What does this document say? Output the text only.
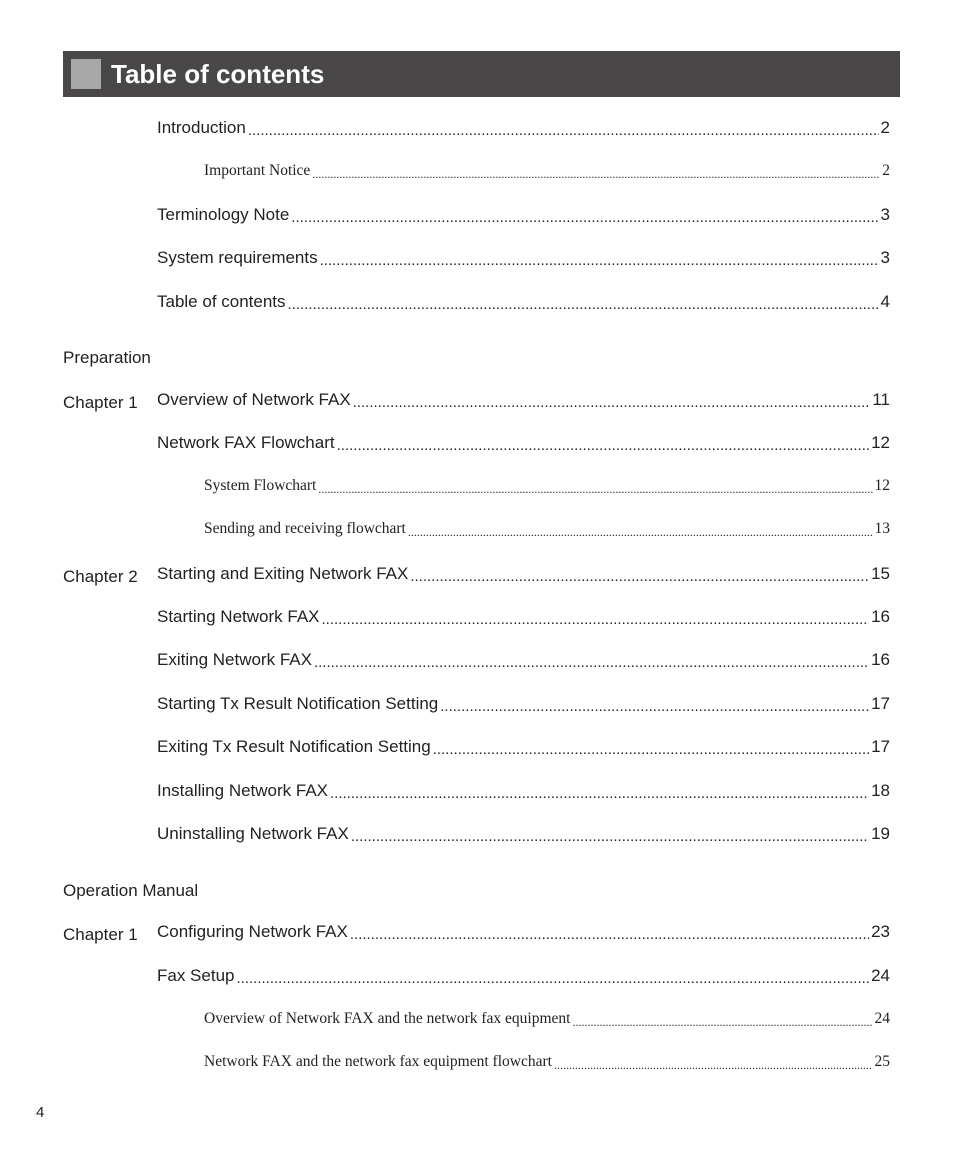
Table of contents
Introduction .....	2
Important Notice .....	2
Terminology Note .....	3
System requirements .....	3
Table of contents .....	4
Preparation
Chapter 1 Overview of Network FAX .....	11
Network FAX Flowchart .....	12
System Flowchart .....	12
Sending and receiving flowchart .....	13
Chapter 2 Starting and Exiting Network FAX .....	15
Starting Network FAX .....	16
Exiting Network FAX .....	16
Starting Tx Result Notification Setting .....	17
Exiting Tx Result Notification Setting .....	17
Installing Network FAX .....	18
Uninstalling Network FAX .....	19
Operation Manual
Chapter 1 Configuring Network FAX .....	23
Fax Setup .....	24
Overview of Network FAX and the network fax equipment .....	24
Network FAX and the network fax equipment flowchart .....	25
4
